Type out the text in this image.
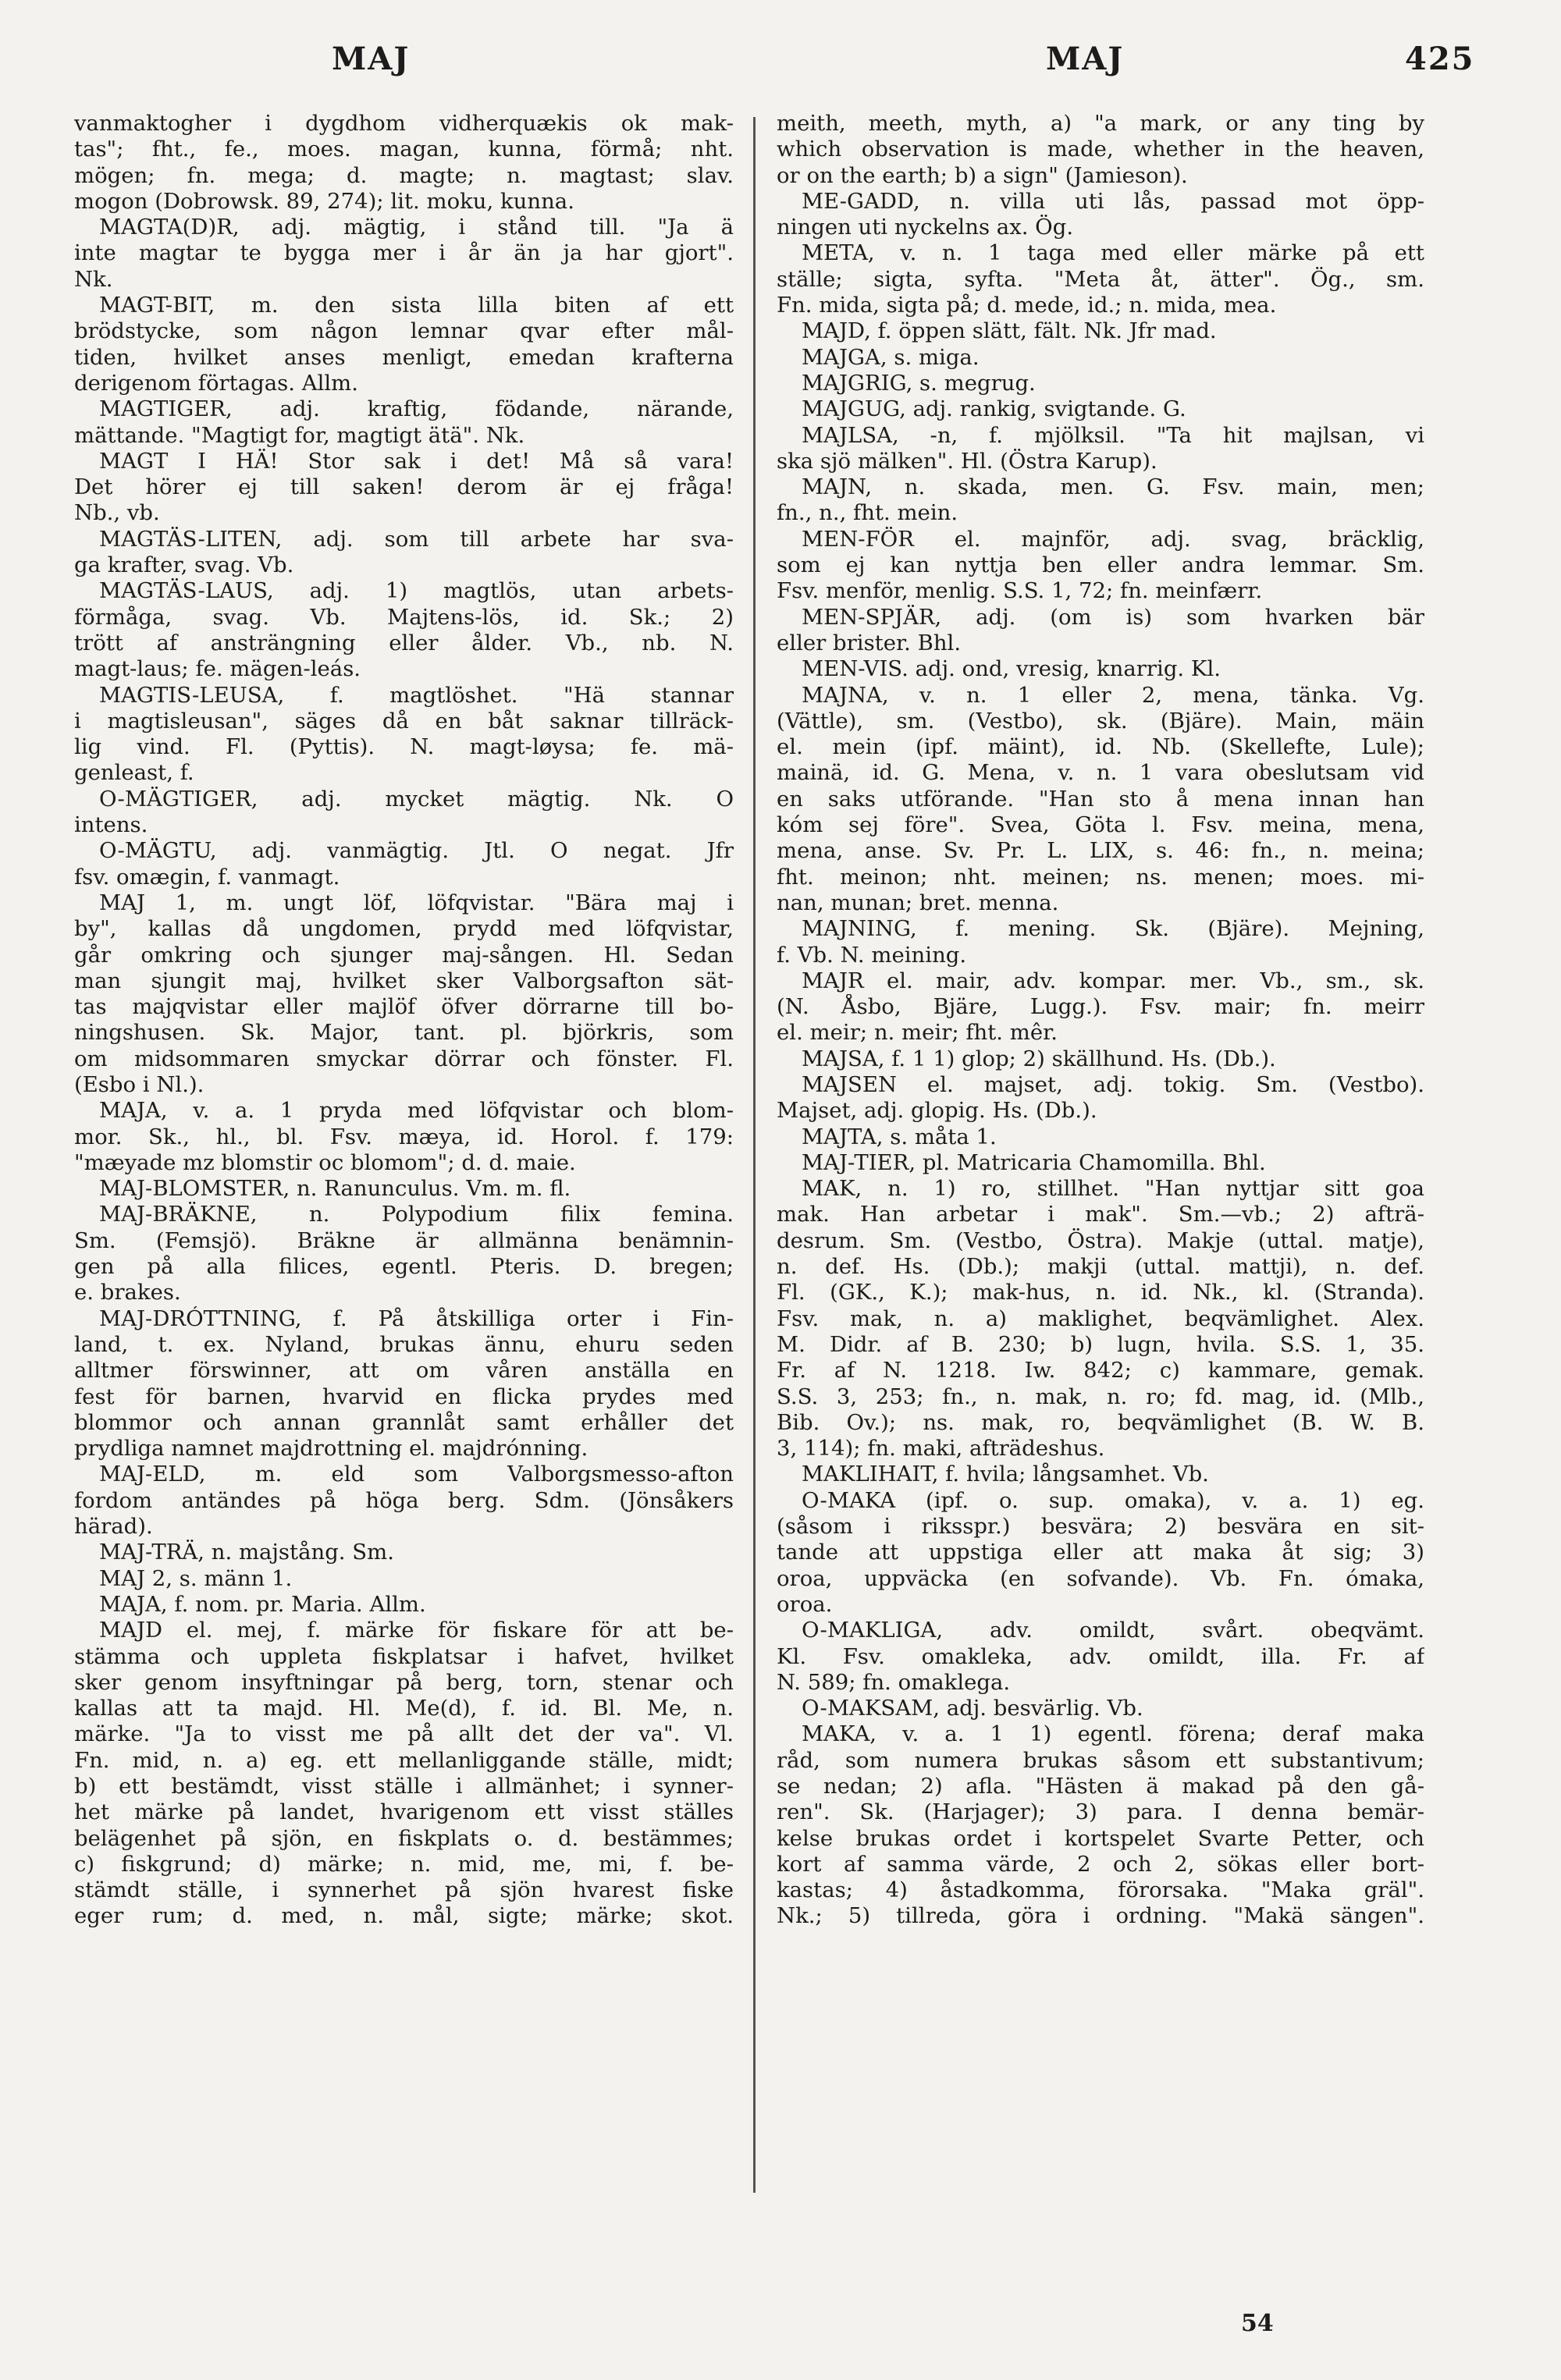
MAJ	MAJ	425
vanmaktogher i dygdhom vidherquækis ok mak-
tas"; fht., fe., moes. magan, kunna, förmå; nht.
mögen; fn. mega; d. magte; n. magtast; slav.
mogon (Dobrowsk. 89, 274); lit. moku, kunna.
MAGTA(D)R, adj. mägtig, i stånd till. "Ja ä
inte magtar te bygga mer i år än ja har gjort".
Nk.
MAGT-BIT, m. den sista lilla biten af ett
brödstycke, som någon lemnar qvar efter mål-
tiden, hvilket anses menligt, emedan krafterna
derigenom förtagas. Allm.
MAGTIGER, adj. kraftig, födande, närande,
mättande. "Magtigt for, magtigt ätä". Nk.
MAGT I HÄ! Stor sak i det! Må så vara!
Det hörer ej till saken! derom är ej fråga!
Nb., vb.
MAGTÄS-LITEN, adj. som till arbete har sva-
ga krafter, svag. Vb.
MAGTÄS-LAUS, adj. 1) magtlös, utan arbets-
förmåga, svag. Vb. Majtens-lös, id. Sk.; 2)
trött af ansträngning eller ålder. Vb., nb. N.
magt-laus; fe. mägen-leás.
MAGTIS-LEUSA, f. magtlöshet. "Hä stannar
i magtisleusan", säges då en båt saknar tillräck-
lig vind. Fl. (Pyttis). N. magt-løysa; fe. mä-
genleast, f.
O-MÄGTIGER, adj. mycket mägtig. Nk. O
intens.
O-MÄGTU, adj. vanmägtig. Jtl. O negat. Jfr
fsv. omægin, f. vanmagt.
MAJ 1, m. ungt löf, löfqvistar. "Bära maj i
by", kallas då ungdomen, prydd med löfqvistar,
går omkring och sjunger maj-sången. Hl. Sedan
man sjungit maj, hvilket sker Valborgsafton sät-
tas majqvistar eller majlöf öfver dörrarne till bo-
ningshusen. Sk. Major, tant. pl. björkris, som
om midsommaren smyckar dörrar och fönster. Fl.
(Esbo i Nl.).
MAJA, v. a. 1 pryda med löfqvistar och blom-
mor. Sk., hl., bl. Fsv. mæya, id. Horol. f. 179:
"mæyade mz blomstir oc blomom"; d. d. maie.
MAJ-BLOMSTER, n. Ranunculus. Vm. m. fl.
MAJ-BRÄKNE, n. Polypodium filix femina.
Sm. (Femsjö). Bräkne är allmänna benämnin-
gen på alla filices, egentl. Pteris. D. bregen;
e. brakes.
MAJ-DRÓTTNING, f. På åtskilliga orter i Fin-
land, t. ex. Nyland, brukas ännu, ehuru seden
alltmer förswinner, att om våren anställa en
fest för barnen, hvarvid en flicka prydes med
blommor och annan grannlåt samt erhåller det
prydliga namnet majdrottning el. majdrónning.
MAJ-ELD, m. eld som Valborgsmesso-afton
fordom antändes på höga berg. Sdm. (Jönsåkers
härad).
MAJ-TRÄ, n. majstång. Sm.
MAJ 2, s. männ 1.
MAJA, f. nom. pr. Maria. Allm.
MAJD el. mej, f. märke för fiskare för att be-
stämma och uppleta fiskplatsar i hafvet, hvilket
sker genom insyftningar på berg, torn, stenar och
kallas att ta majd. Hl. Me(d), f. id. Bl. Me, n.
märke. "Ja to visst me på allt det der va". Vl.
Fn. mid, n. a) eg. ett mellanliggande ställe, midt;
b) ett bestämdt, visst ställe i allmänhet; i synner-
het märke på landet, hvarigenom ett visst ställes
belägenhet på sjön, en fiskplats o. d. bestämmes;
c) fiskgrund; d) märke; n. mid, me, mi, f. be-
stämdt ställe, i synnerhet på sjön hvarest fiske
eger rum; d. med, n. mål, sigte; märke; skot.
meith, meeth, myth, a) "a mark, or any ting by
which observation is made, whether in the heaven,
or on the earth; b) a sign" (Jamieson).
ME-GADD, n. villa uti lås, passad mot öpp-
ningen uti nyckelns ax. Ög.
META, v. n. 1 taga med eller märke på ett
ställe; sigta, syfta. "Meta åt, ätter". Ög., sm.
Fn. mida, sigta på; d. mede, id.; n. mida, mea.
MAJD, f. öppen slätt, fält. Nk. Jfr mad.
MAJGA, s. miga.
MAJGRIG, s. megrug.
MAJGUG, adj. rankig, svigtande. G.
MAJLSA, -n, f. mjölksil. "Ta hit majlsan, vi
ska sjö mälken". Hl. (Östra Karup).
MAJN, n. skada, men. G. Fsv. main, men;
fn., n., fht. mein.
MEN-FÖR el. majnför, adj. svag, bräcklig,
som ej kan nyttja ben eller andra lemmar. Sm.
Fsv. menför, menlig. S.S. 1, 72; fn. meinfærr.
MEN-SPJÄR, adj. (om is) som hvarken bär
eller brister. Bhl.
MEN-VIS. adj. ond, vresig, knarrig. Kl.
MAJNA, v. n. 1 eller 2, mena, tänka. Vg.
(Vättle), sm. (Vestbo), sk. (Bjäre). Main, mäin
el. mein (ipf. mäint), id. Nb. (Skellefte, Lule);
mainä, id. G. Mena, v. n. 1 vara obeslutsam vid
en saks utförande. "Han sto å mena innan han
kóm sej före". Svea, Göta l. Fsv. meina, mena,
mena, anse. Sv. Pr. L. LIX, s. 46: fn., n. meina;
fht. meinon; nht. meinen; ns. menen; moes. mi-
nan, munan; bret. menna.
MAJNING, f. mening. Sk. (Bjäre). Mejning,
f. Vb. N. meining.
MAJR el. mair, adv. kompar. mer. Vb., sm., sk.
(N. Åsbo, Bjäre, Lugg.). Fsv. mair; fn. meirr
el. meir; n. meir; fht. mêr.
MAJSA, f. 1 1) glop; 2) skällhund. Hs. (Db.).
MAJSEN el. majset, adj. tokig. Sm. (Vestbo).
Majset, adj. glopig. Hs. (Db.).
MAJTA, s. måta 1.
MAJ-TIER, pl. Matricaria Chamomilla. Bhl.
MAK, n. 1) ro, stillhet. "Han nyttjar sitt goa
mak. Han arbetar i mak". Sm.—vb.; 2) afträ-
desrum. Sm. (Vestbo, Östra). Makje (uttal. matje),
n. def. Hs. (Db.); makji (uttal. mattji), n. def.
Fl. (GK., K.); mak-hus, n. id. Nk., kl. (Stranda).
Fsv. mak, n. a) maklighet, beqvämlighet. Alex.
M. Didr. af B. 230; b) lugn, hvila. S.S. 1, 35.
Fr. af N. 1218. Iw. 842; c) kammare, gemak.
S.S. 3, 253; fn., n. mak, n. ro; fd. mag, id. (Mlb.,
Bib. Ov.); ns. mak, ro, beqvämlighet (B. W. B.
3, 114); fn. maki, afträdeshus.
MAKLIHAIT, f. hvila; långsamhet. Vb.
O-MAKA (ipf. o. sup. omaka), v. a. 1) eg.
(såsom i riksspr.) besvära; 2) besvära en sit-
tande att uppstiga eller att maka åt sig; 3)
oroa, uppväcka (en sofvande). Vb. Fn. ómaka,
oroa.
O-MAKLIGA, adv. omildt, svårt. obeqvämt.
Kl. Fsv. omakleka, adv. omildt, illa. Fr. af
N. 589; fn. omaklega.
O-MAKSAM, adj. besvärlig. Vb.
MAKA, v. a. 1 1) egentl. förena; deraf maka
råd, som numera brukas såsom ett substantivum;
se nedan; 2) afla. "Hästen ä makad på den gå-
ren". Sk. (Harjager); 3) para. I denna bemär-
kelse brukas ordet i kortspelet Svarte Petter, och
kort af samma värde, 2 och 2, sökas eller bort-
kastas; 4) åstadkomma, förorsaka. "Maka gräl".
Nk.; 5) tillreda, göra i ordning. "Makä sängen".
54
